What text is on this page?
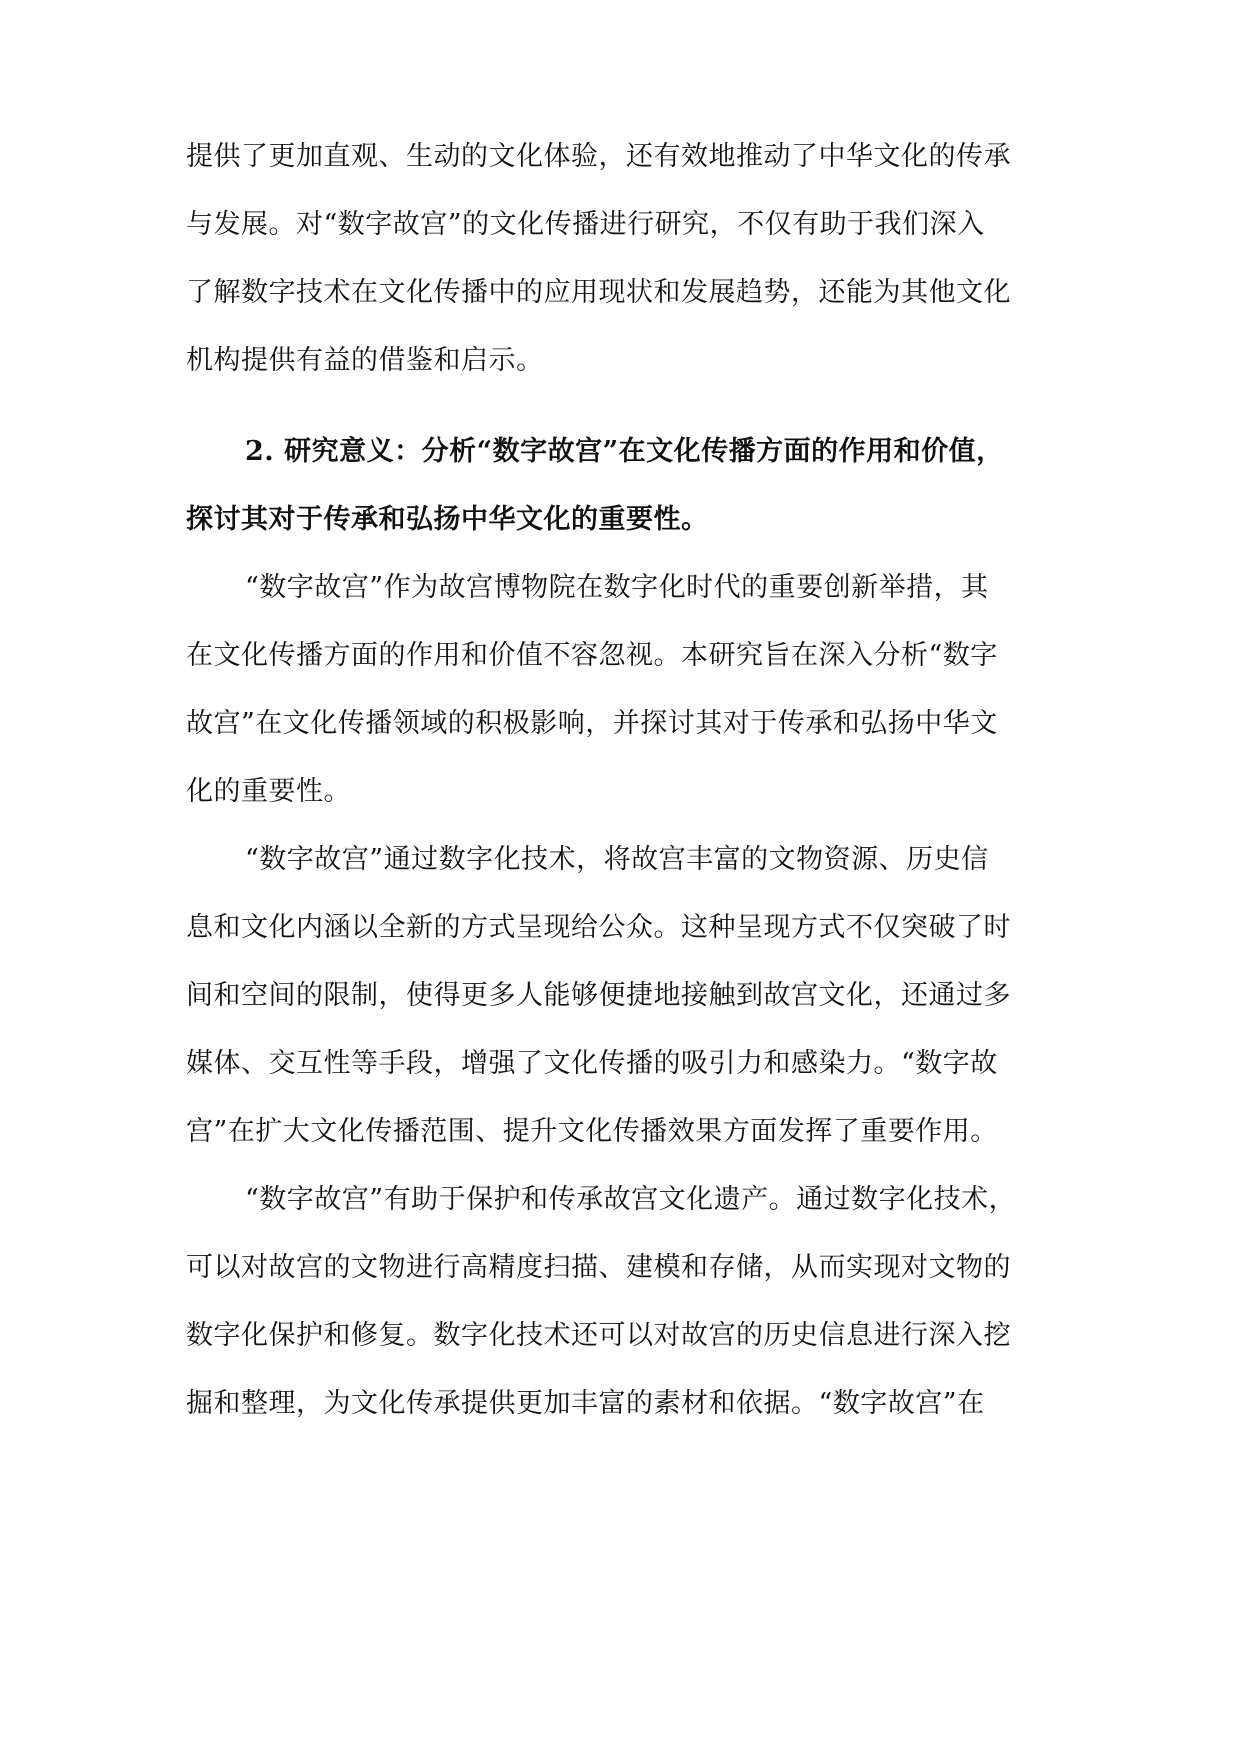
提供了更加直观、生动的文化体验，还有效地推动了中华文化的传承
与发展。对“数字故宫”的文化传播进行研究，不仅有助于我们深入
了解数字技术在文化传播中的应用现状和发展趋势，还能为其他文化
机构提供有益的借鉴和启示。
2. 研究意义：分析“数字故宫”在文化传播方面的作用和价值，
探讨其对于传承和弘扬中华文化的重要性。
“数字故宫”作为故宫博物院在数字化时代的重要创新举措，其
在文化传播方面的作用和价值不容忽视。本研究旨在深入分析“数字
故宫”在文化传播领域的积极影响，并探讨其对于传承和弘扬中华文
化的重要性。
“数字故宫”通过数字化技术，将故宫丰富的文物资源、历史信
息和文化内涵以全新的方式呈现给公众。这种呈现方式不仅突破了时
间和空间的限制，使得更多人能够便捷地接触到故宫文化，还通过多
媒体、交互性等手段，增强了文化传播的吸引力和感染力。“数字故
宫”在扩大文化传播范围、提升文化传播效果方面发挥了重要作用。
“数字故宫”有助于保护和传承故宫文化遗产。通过数字化技术，
可以对故宫的文物进行高精度扫描、建模和存储，从而实现对文物的
数字化保护和修复。数字化技术还可以对故宫的历史信息进行深入挖
掘和整理，为文化传承提供更加丰富的素材和依据。“数字故宫”在
